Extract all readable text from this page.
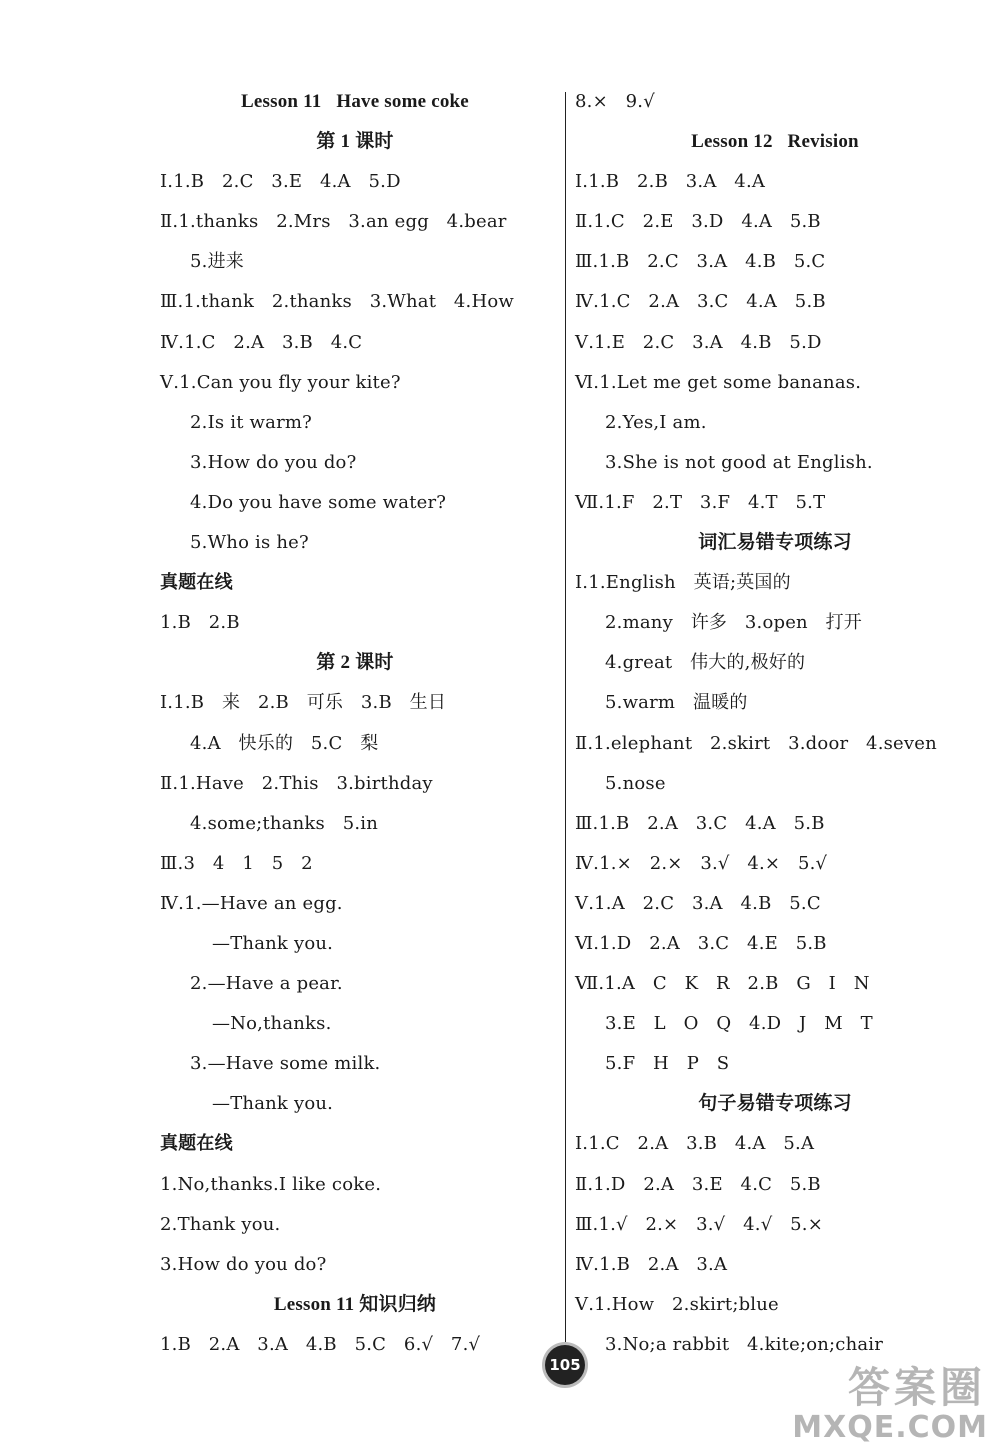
Lesson 11   Have some coke
第 1 课时
Ⅰ.1.B   2.C   3.E   4.A   5.D
Ⅱ.1.thanks   2.Mrs   3.an egg   4.bear
5.进来
Ⅲ.1.thank   2.thanks   3.What   4.How
Ⅳ.1.C   2.A   3.B   4.C
Ⅴ.1.Can you fly your kite?
2.Is it warm?
3.How do you do?
4.Do you have some water?
5.Who is he?
真题在线
1.B   2.B
第 2 课时
Ⅰ.1.B   来   2.B   可乐   3.B   生日
4.A   快乐的   5.C   梨
Ⅱ.1.Have   2.This   3.birthday
4.some;thanks   5.in
Ⅲ.3   4   1   5   2
Ⅳ.1.—Have an egg.
—Thank you.
2.—Have a pear.
—No,thanks.
3.—Have some milk.
—Thank you.
真题在线
1.No,thanks.I like coke.
2.Thank you.
3.How do you do?
Lesson 11 知识归纳
1.B   2.A   3.A   4.B   5.C   6.√   7.√
8.×   9.√
Lesson 12   Revision
Ⅰ.1.B   2.B   3.A   4.A
Ⅱ.1.C   2.E   3.D   4.A   5.B
Ⅲ.1.B   2.C   3.A   4.B   5.C
Ⅳ.1.C   2.A   3.C   4.A   5.B
Ⅴ.1.E   2.C   3.A   4.B   5.D
Ⅵ.1.Let me get some bananas.
2.Yes,I am.
3.She is not good at English.
Ⅶ.1.F   2.T   3.F   4.T   5.T
词汇易错专项练习
Ⅰ.1.English   英语;英国的
2.many   许多   3.open   打开
4.great   伟大的,极好的
5.warm   温暖的
Ⅱ.1.elephant   2.skirt   3.door   4.seven
5.nose
Ⅲ.1.B   2.A   3.C   4.A   5.B
Ⅳ.1.×   2.×   3.√   4.×   5.√
Ⅴ.1.A   2.C   3.A   4.B   5.C
Ⅵ.1.D   2.A   3.C   4.E   5.B
Ⅶ.1.A   C   K   R   2.B   G   I   N
3.E   L   O   Q   4.D   J   M   T
5.F   H   P   S
句子易错专项练习
Ⅰ.1.C   2.A   3.B   4.A   5.A
Ⅱ.1.D   2.A   3.E   4.C   5.B
Ⅲ.1.√   2.×   3.√   4.√   5.×
Ⅳ.1.B   2.A   3.A
Ⅴ.1.How   2.skirt;blue
3.No;a rabbit   4.kite;on;chair
105	答案圈
MXQE.COM
